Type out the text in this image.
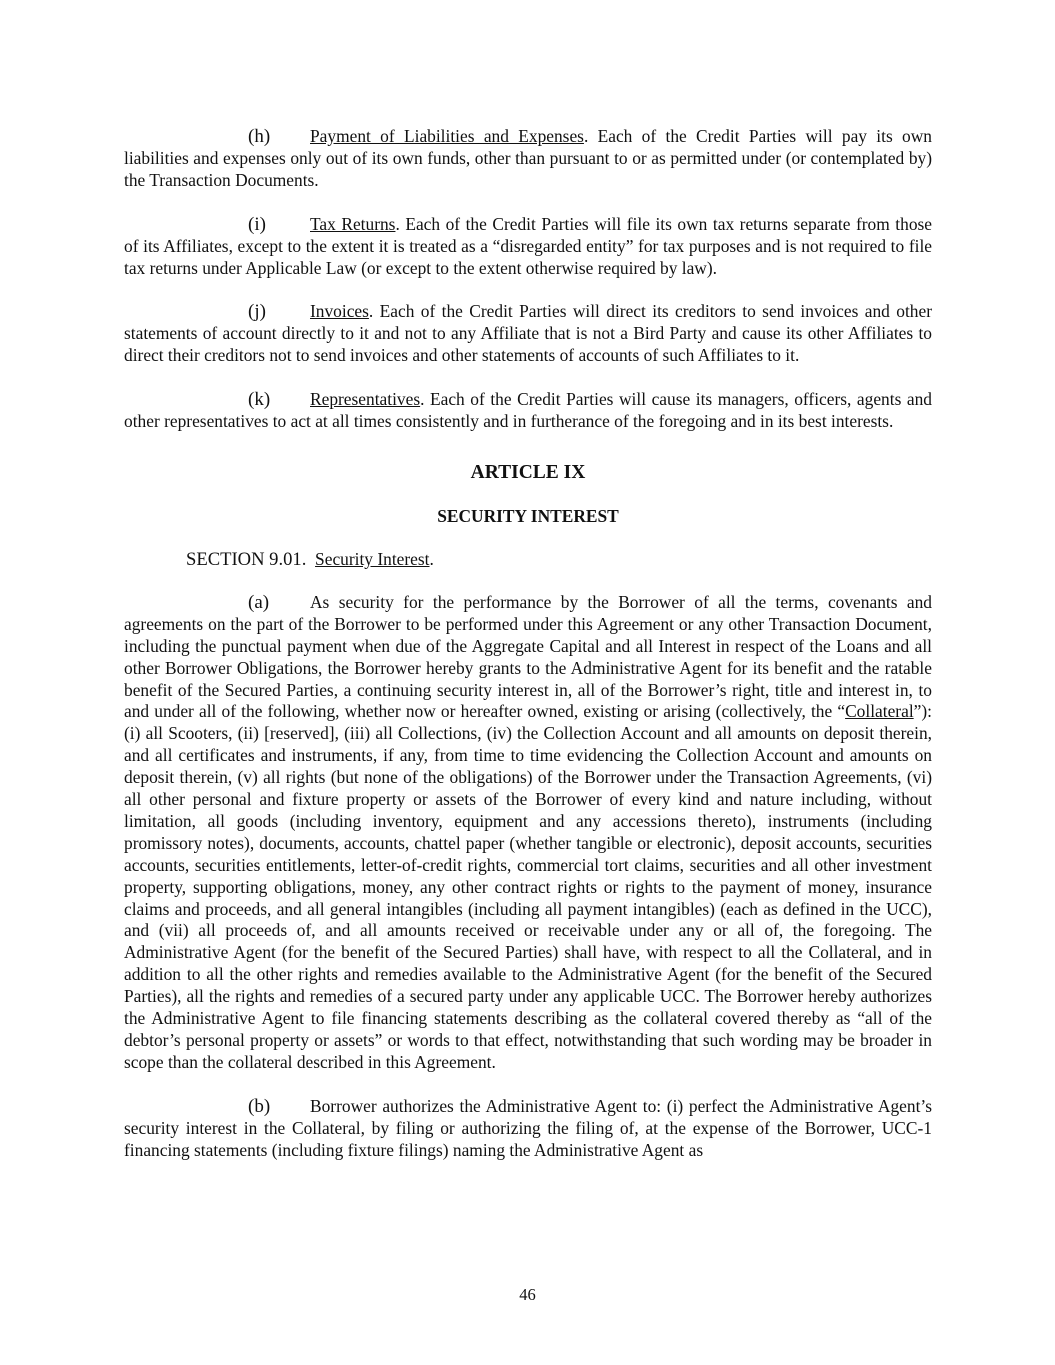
(h) Payment of Liabilities and Expenses. Each of the Credit Parties will pay its own liabilities and expenses only out of its own funds, other than pursuant to or as permitted under (or contemplated by) the Transaction Documents.

(i)	Tax Returns. Each of the Credit Parties will file its own tax returns separate from those of its Affiliates, except to the extent it is treated as a “disregarded entity” for tax purposes and is not required to file tax returns under Applicable Law (or except to the extent otherwise required by law).

(j)	Invoices. Each of the Credit Parties will direct its creditors to send invoices and other statements of account directly to it and not to any Affiliate that is not a Bird Party and cause its other Affiliates to direct their creditors not to send invoices and other statements of accounts of such Affiliates to it.

(k) Representatives. Each of the Credit Parties will cause its managers, officers, agents and other representatives to act at all times consistently and in furtherance of the foregoing and in its best interests.

ARTICLE IX
SECURITY INTEREST
SECTION 9.01. Security Interest.

(a) As security for the performance by the Borrower of all the terms, covenants and agreements on the part of the Borrower to be performed under this Agreement or any other Transaction Document, including the punctual payment when due of the Aggregate Capital and all Interest in respect of the Loans and all other Borrower Obligations, the Borrower hereby grants to the Administrative Agent for its benefit and the ratable benefit of the Secured Parties, a continuing security interest in, all of the Borrower’s right, title and interest in, to and under all of the following, whether now or hereafter owned, existing or arising (collectively, the “Collateral”): (i) all Scooters, (ii) [reserved], (iii) all Collections, (iv) the Collection Account and all amounts on deposit therein, and all certificates and instruments, if any, from time to time evidencing the Collection Account and amounts on deposit therein, (v) all rights (but none of the obligations) of the Borrower under the Transaction Agreements, (vi) all other personal and fixture property or assets of the Borrower of every kind and nature including, without limitation, all goods (including inventory, equipment and any accessions thereto), instruments (including promissory notes), documents, accounts, chattel paper (whether tangible or electronic), deposit accounts, securities accounts, securities entitlements, letter-of-credit rights, commercial tort claims, securities and all other investment property, supporting obligations, money, any other contract rights or rights to the payment of money, insurance claims and proceeds, and all general intangibles (including all payment intangibles) (each as defined in the UCC), and (vii) all proceeds of, and all amounts received or receivable under any or all of, the foregoing. The Administrative Agent (for the benefit of the Secured Parties) shall have, with respect to all the Collateral, and in addition to all the other rights and remedies available to the Administrative Agent (for the benefit of the Secured Parties), all the rights and remedies of a secured party under any applicable UCC. The Borrower hereby authorizes the Administrative Agent to file financing statements describing as the collateral covered thereby as “all of the debtor’s personal property or assets” or words to that effect, notwithstanding that such wording may be broader in scope than the collateral described in this Agreement.

(b) Borrower authorizes the Administrative Agent to: (i) perfect the Administrative Agent’s security interest in the Collateral, by filing or authorizing the filing of, at the expense of the Borrower, UCC-1 financing statements (including fixture filings) naming the Administrative Agent as

46
